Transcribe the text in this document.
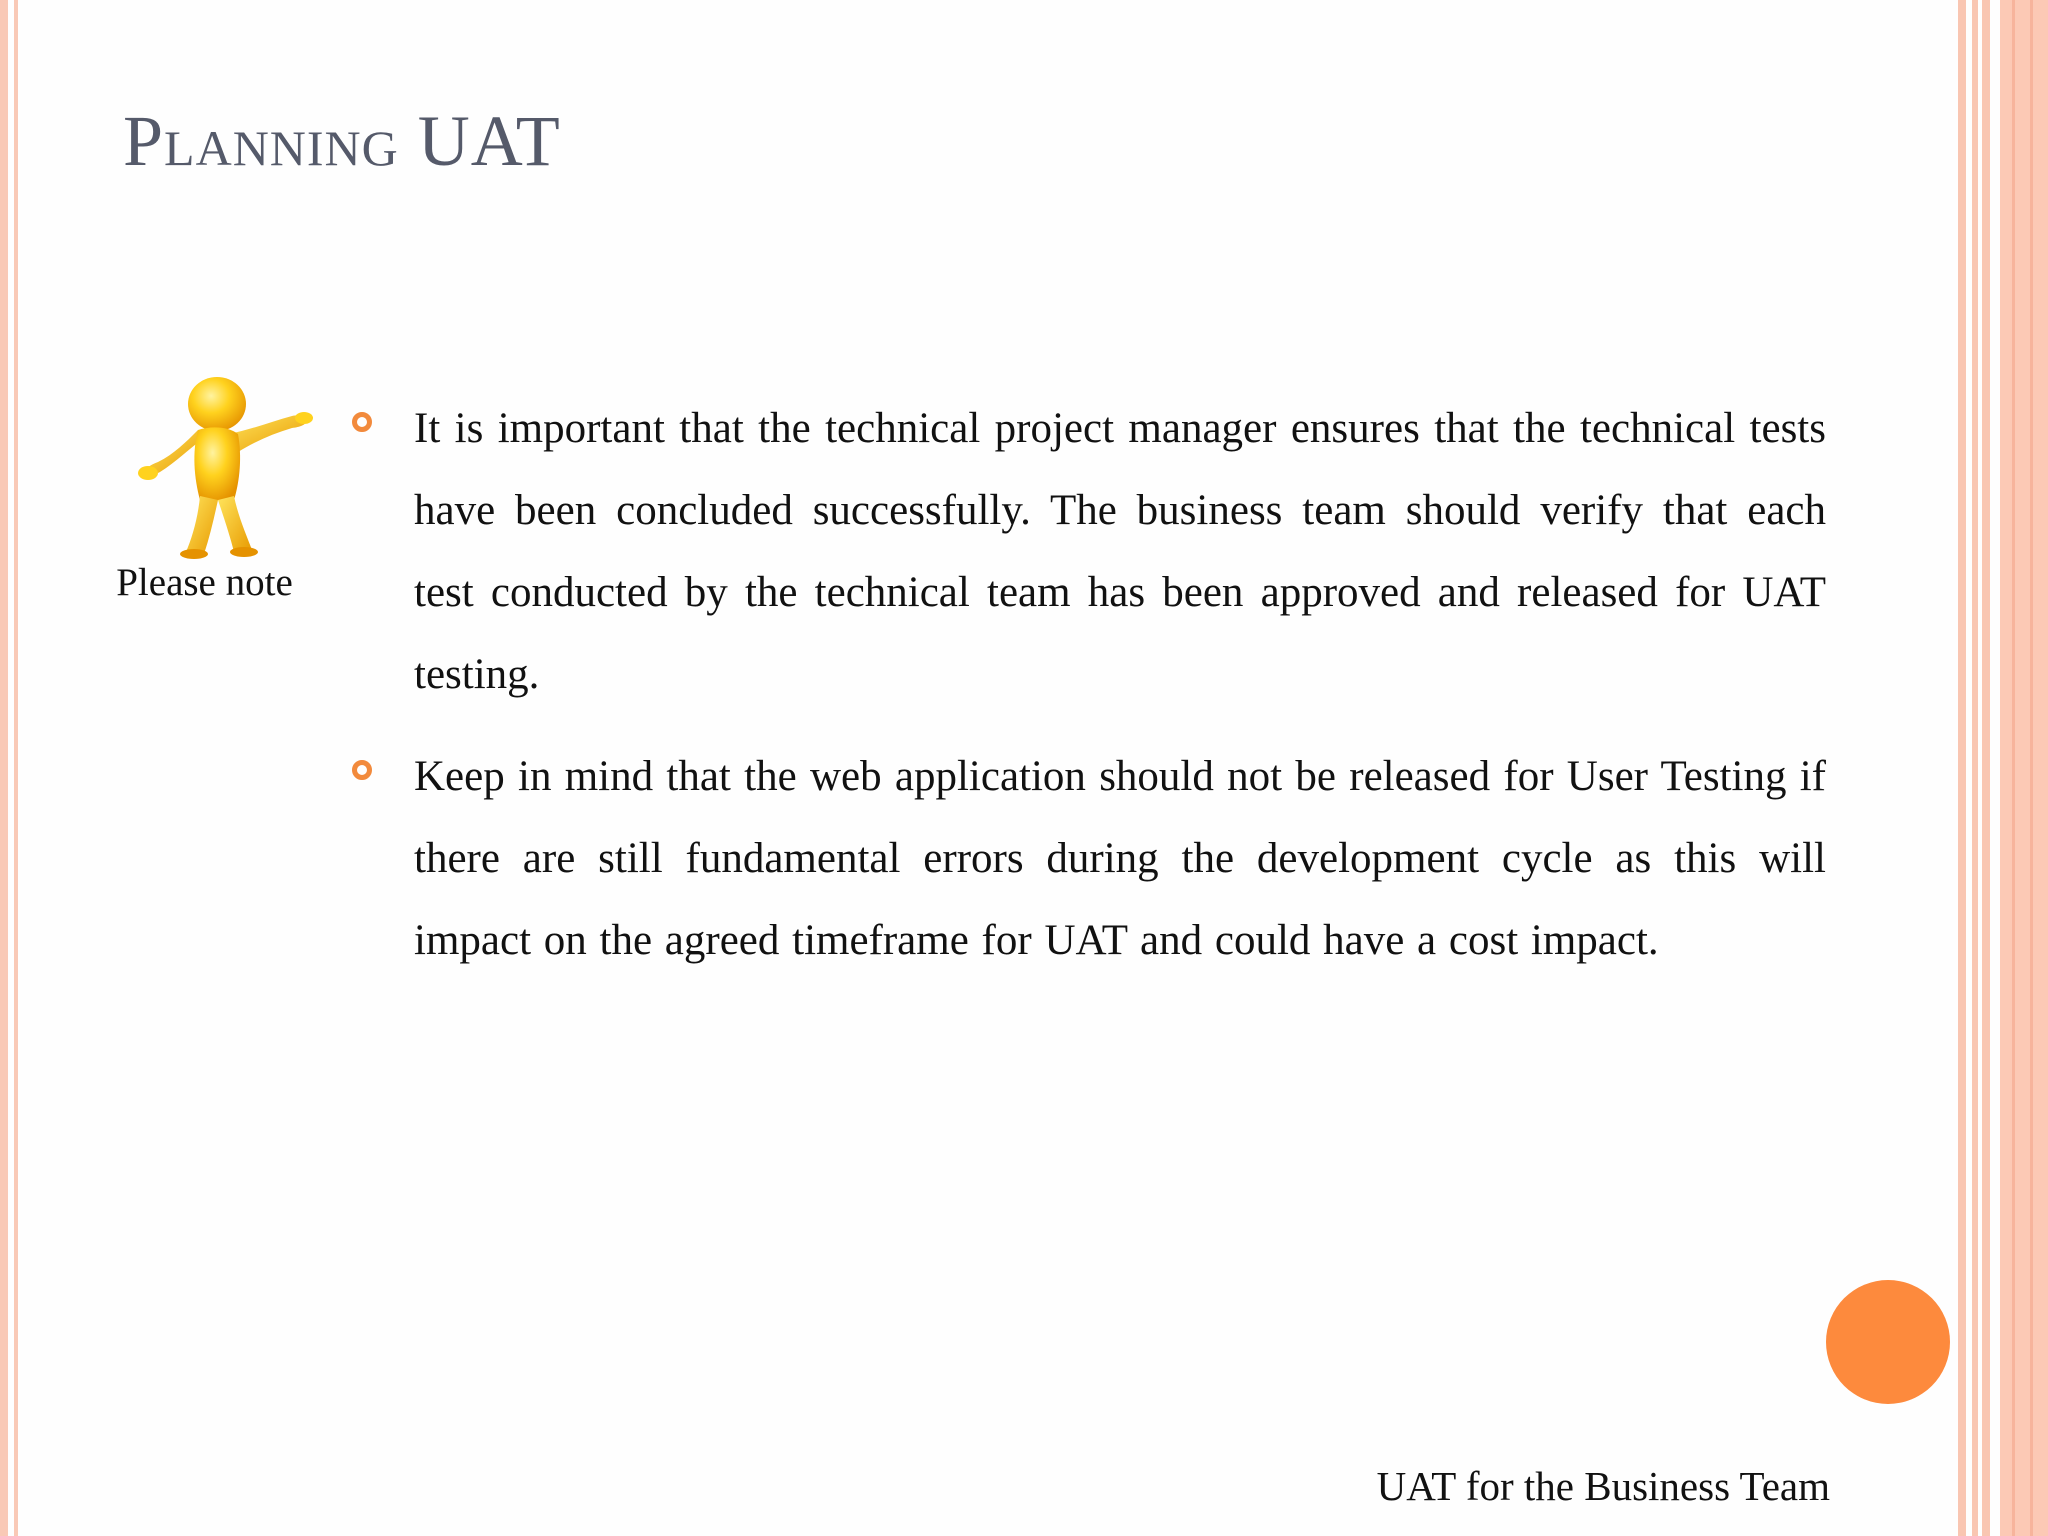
Planning UAT
Please note
It is important that the technical project manager ensures that the technical tests have been concluded successfully. The business team should verify that each test conducted by the technical team has been approved and released for UAT testing.
Keep in mind that the web application should not be released for User Testing if there are still fundamental errors during the development cycle as this will impact on the agreed timeframe for UAT and could have a cost impact.
UAT for the Business Team
